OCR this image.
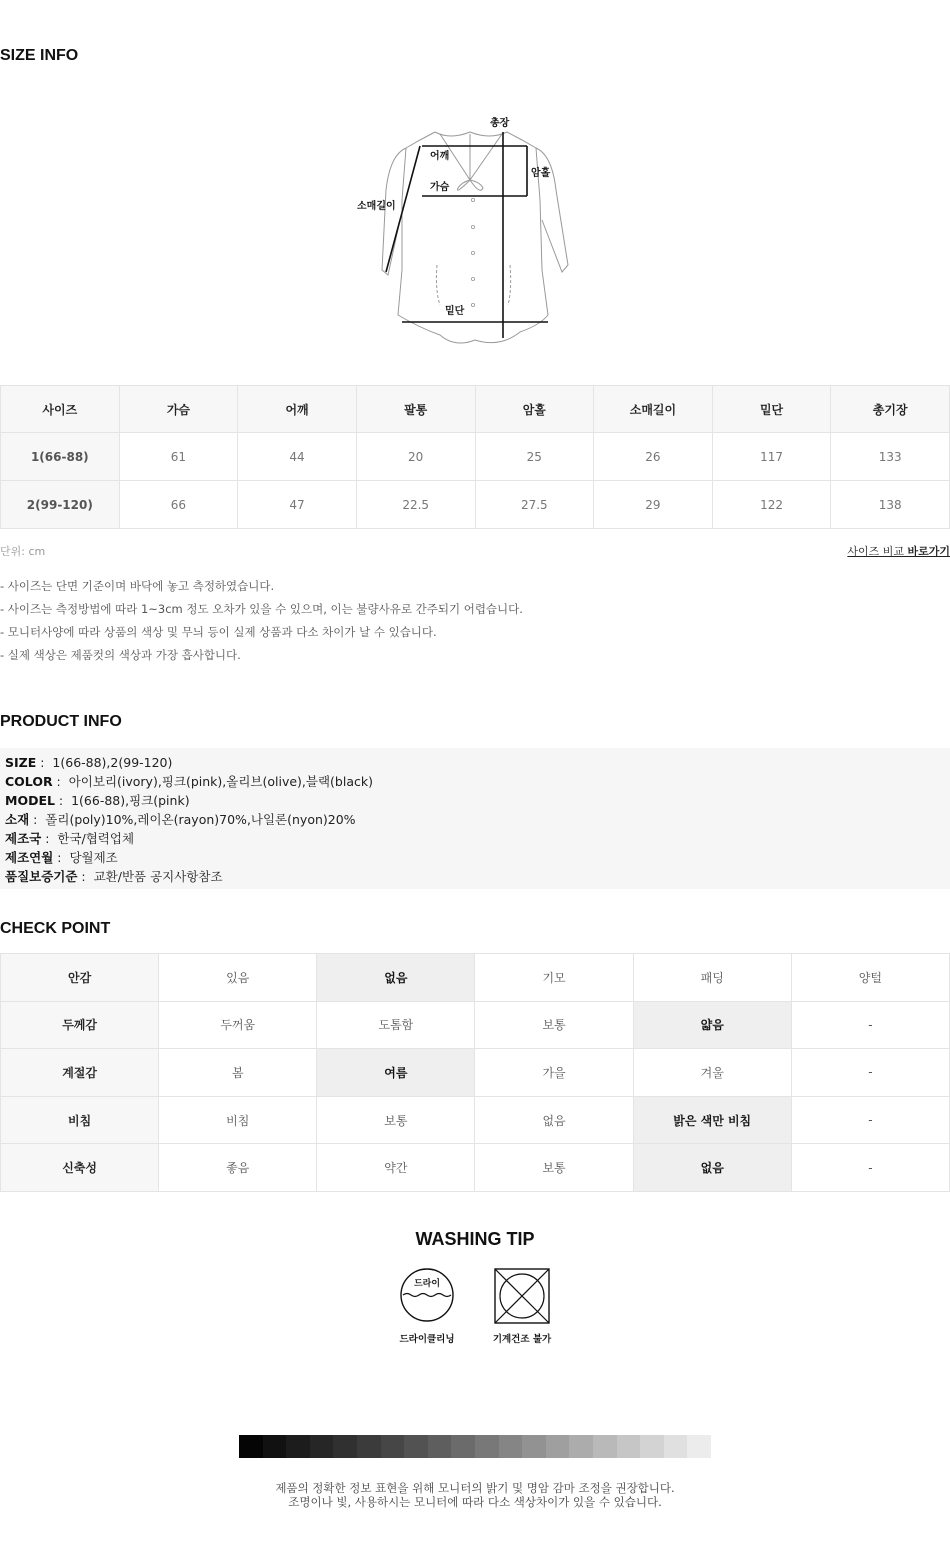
SIZE INFO
총장
어깨
암홀
가슴
소매길이
밑단
사이즈	가슴	어깨	팔통	암홀	소매길이	밑단	총기장
1(66-88)	61	44	20	25	26	117	133
2(99-120)	66	47	22.5	27.5	29	122	138
단위: cm	사이즈 비교 바로가기
- 사이즈는 단면 기준이며 바닥에 놓고 측정하였습니다.
- 사이즈는 측정방법에 따라 1~3cm 정도 오차가 있을 수 있으며, 이는 불량사유로 간주되기 어렵습니다.
- 모니터사양에 따라 상품의 색상 및 무늬 등이 실제 상품과 다소 차이가 날 수 있습니다.
- 실제 색상은 제품컷의 색상과 가장 흡사합니다.
PRODUCT INFO
SIZE :  1(66-88),2(99-120)
COLOR :  아이보리(ivory),핑크(pink),올리브(olive),블랙(black)
MODEL :  1(66-88),핑크(pink)
소재 :  폴리(poly)10%,레이온(rayon)70%,나일론(nyon)20%
제조국 :  한국/협력업체
제조연월 :  당월제조
품질보증기준 :  교환/반품 공지사항참조
CHECK POINT
안감	있음	없음	기모	패딩	양털
두께감	두꺼움	도톰함	보통	얇음	-
계절감	봄	여름	가을	겨울	-
비침	비침	보통	없음	밝은 색만 비침	-
신축성	좋음	약간	보통	없음	-
WASHING TIP
드라이
드라이클리닝	기계건조 불가
제품의 정확한 정보 표현을 위해 모니터의 밝기 및 명암 감마 조정을 권장합니다.
조명이나 빛, 사용하시는 모니터에 따라 다소 색상차이가 있을 수 있습니다.
